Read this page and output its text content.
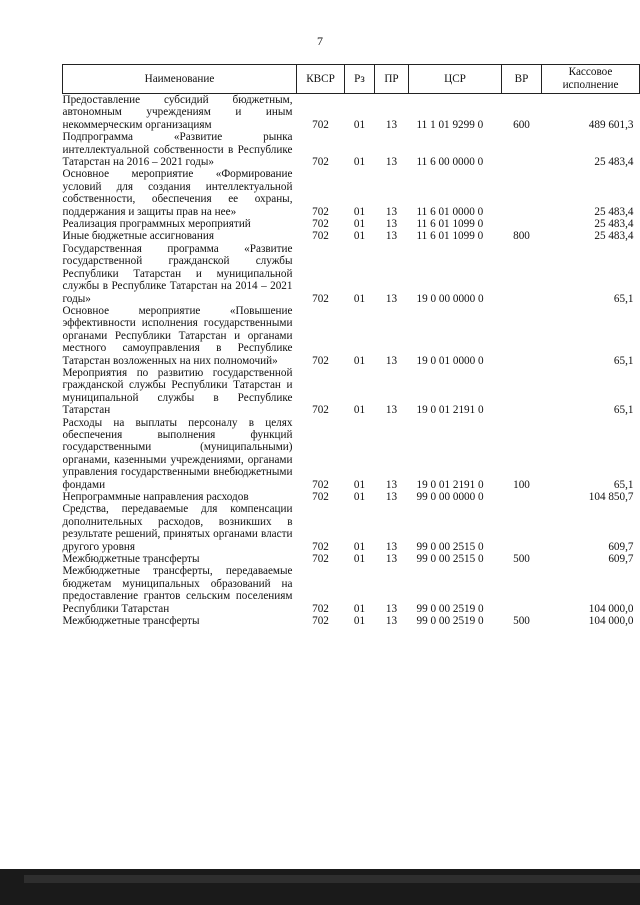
7
Наименование	КВСР	Рз	ПР	ЦСР	ВР	Кассовое исполнение
Предоставление субсидий бюджетным, автономным учреждениям и иным некоммерческим организациям	702	01	13	11 1 01 9299 0	600	489 601,3
Подпрограмма «Развитие рынка интеллектуальной собственности в Республике Татарстан на 2016 – 2021 годы»	702	01	13	11 6 00 0000 0		25 483,4
Основное мероприятие «Формирование условий для создания интеллектуальной собственности, обеспечения ее охраны, поддержания и защиты прав на нее»	702	01	13	11 6 01 0000 0		25 483,4
Реализация программных мероприятий	702	01	13	11 6 01 1099 0		25 483,4
Иные бюджетные ассигнования	702	01	13	11 6 01 1099 0	800	25 483,4
Государственная программа «Развитие государственной гражданской службы Республики Татарстан и муниципальной службы в Республике Татарстан на 2014 – 2021 годы»	702	01	13	19 0 00 0000 0		65,1
Основное мероприятие «Повышение эффективности исполнения государственными органами Республики Татарстан и органами местного самоуправления в Республике Татарстан возложенных на них полномочий»	702	01	13	19 0 01 0000 0		65,1
Мероприятия по развитию государственной гражданской службы Республики Татарстан и муниципальной службы в Республике Татарстан	702	01	13	19 0 01 2191 0		65,1
Расходы на выплаты персоналу в целях обеспечения выполнения функций государственными (муниципальными) органами, казенными учреждениями, органами управления государственными внебюджетными фондами	702	01	13	19 0 01 2191 0	100	65,1
Непрограммные направления расходов	702	01	13	99 0 00 0000 0		104 850,7
Средства, передаваемые для компенсации дополнительных расходов, возникших в результате решений, принятых органами власти другого уровня	702	01	13	99 0 00 2515 0		609,7
Межбюджетные трансферты	702	01	13	99 0 00 2515 0	500	609,7
Межбюджетные трансферты, передаваемые бюджетам муниципальных образований на предоставление грантов сельским поселениям Республики Татарстан	702	01	13	99 0 00 2519 0		104 000,0
Межбюджетные трансферты	702	01	13	99 0 00 2519 0	500	104 000,0
